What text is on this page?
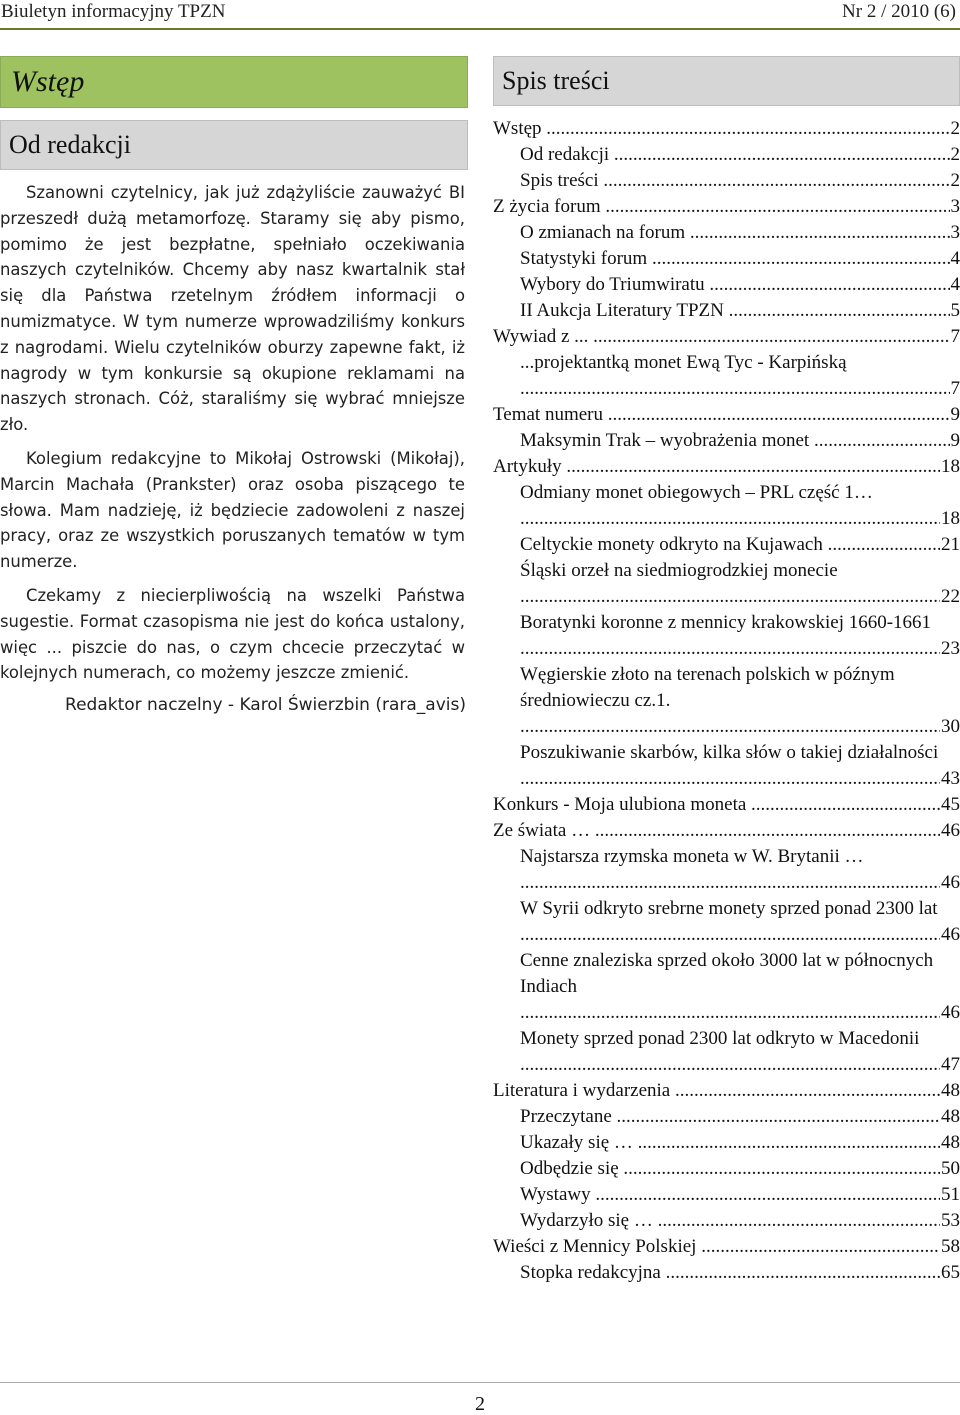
Biuletyn informacyjny TPZN	Nr 2 / 2010 (6)
Wstęp
Od redakcji

Szanowni czytelnicy, jak już zdążyliście zauważyć BI przeszedł dużą metamorfozę. Staramy się aby pismo, pomimo że jest bezpłatne, spełniało oczekiwania naszych czytelników. Chcemy aby nasz kwartalnik stał się dla Państwa rzetelnym źródłem informacji o numizmatyce. W tym numerze wprowadziliśmy konkurs z nagrodami. Wielu czytelników oburzy zapewne fakt, iż nagrody w tym konkursie są okupione reklamami na naszych stronach. Cóż, staraliśmy się wybrać mniejsze zło.

Kolegium redakcyjne to Mikołaj Ostrowski (Mikołaj), Marcin Machała (Prankster) oraz osoba piszącego te słowa. Mam nadzieję, iż będziecie zadowoleni z naszej pracy, oraz ze wszystkich poruszanych tematów w tym numerze.

Czekamy z niecierpliwością na wszelki Państwa sugestie. Format czasopisma nie jest do końca ustalony, więc ... piszcie do nas, o czym chcecie przeczytać w kolejnych numerach, co możemy jeszcze zmienić.

Redaktor naczelny - Karol Świerzbin (rara_avis)
Spis treści
Wstęp .....	2
Od redakcji .....	2
Spis treści .....	2
Z życia forum .....	3
O zmianach na forum .....	3
Statystyki forum .....	4
Wybory do Triumwiratu .....	4
II Aukcja Literatury TPZN .....	5
Wywiad z ... .....	7
...projektantką monet Ewą Tyc - Karpińską .....
7
Temat numeru .....	9
Maksymin Trak – wyobrażenia monet .....	9
Artykuły .....	18
Odmiany monet obiegowych – PRL część 1… .....
18
Celtyckie monety odkryto na Kujawach .....	21
Śląski orzeł na siedmiogrodzkiej monecie .....
22
Boratynki koronne z mennicy krakowskiej 1660-1661 .....
23
Węgierskie złoto na terenach polskich w późnym średniowieczu cz.1. .....
30
Poszukiwanie skarbów, kilka słów o takiej działalności .....
43
Konkurs - Moja ulubiona moneta .....	45
Ze świata … .....	46
Najstarsza rzymska moneta w W. Brytanii … .....
46
W Syrii odkryto srebrne monety sprzed ponad 2300 lat .....
46
Cenne znaleziska sprzed około 3000 lat w północnych Indiach .....
46
Monety sprzed ponad 2300 lat odkryto w Macedonii .....
47
Literatura i wydarzenia .....	48
Przeczytane .....	48
Ukazały się … .....	48
Odbędzie się .....	50
Wystawy .....	51
Wydarzyło się … .....	53
Wieści z Mennicy Polskiej .....	58
Stopka redakcyjna .....	65
2
